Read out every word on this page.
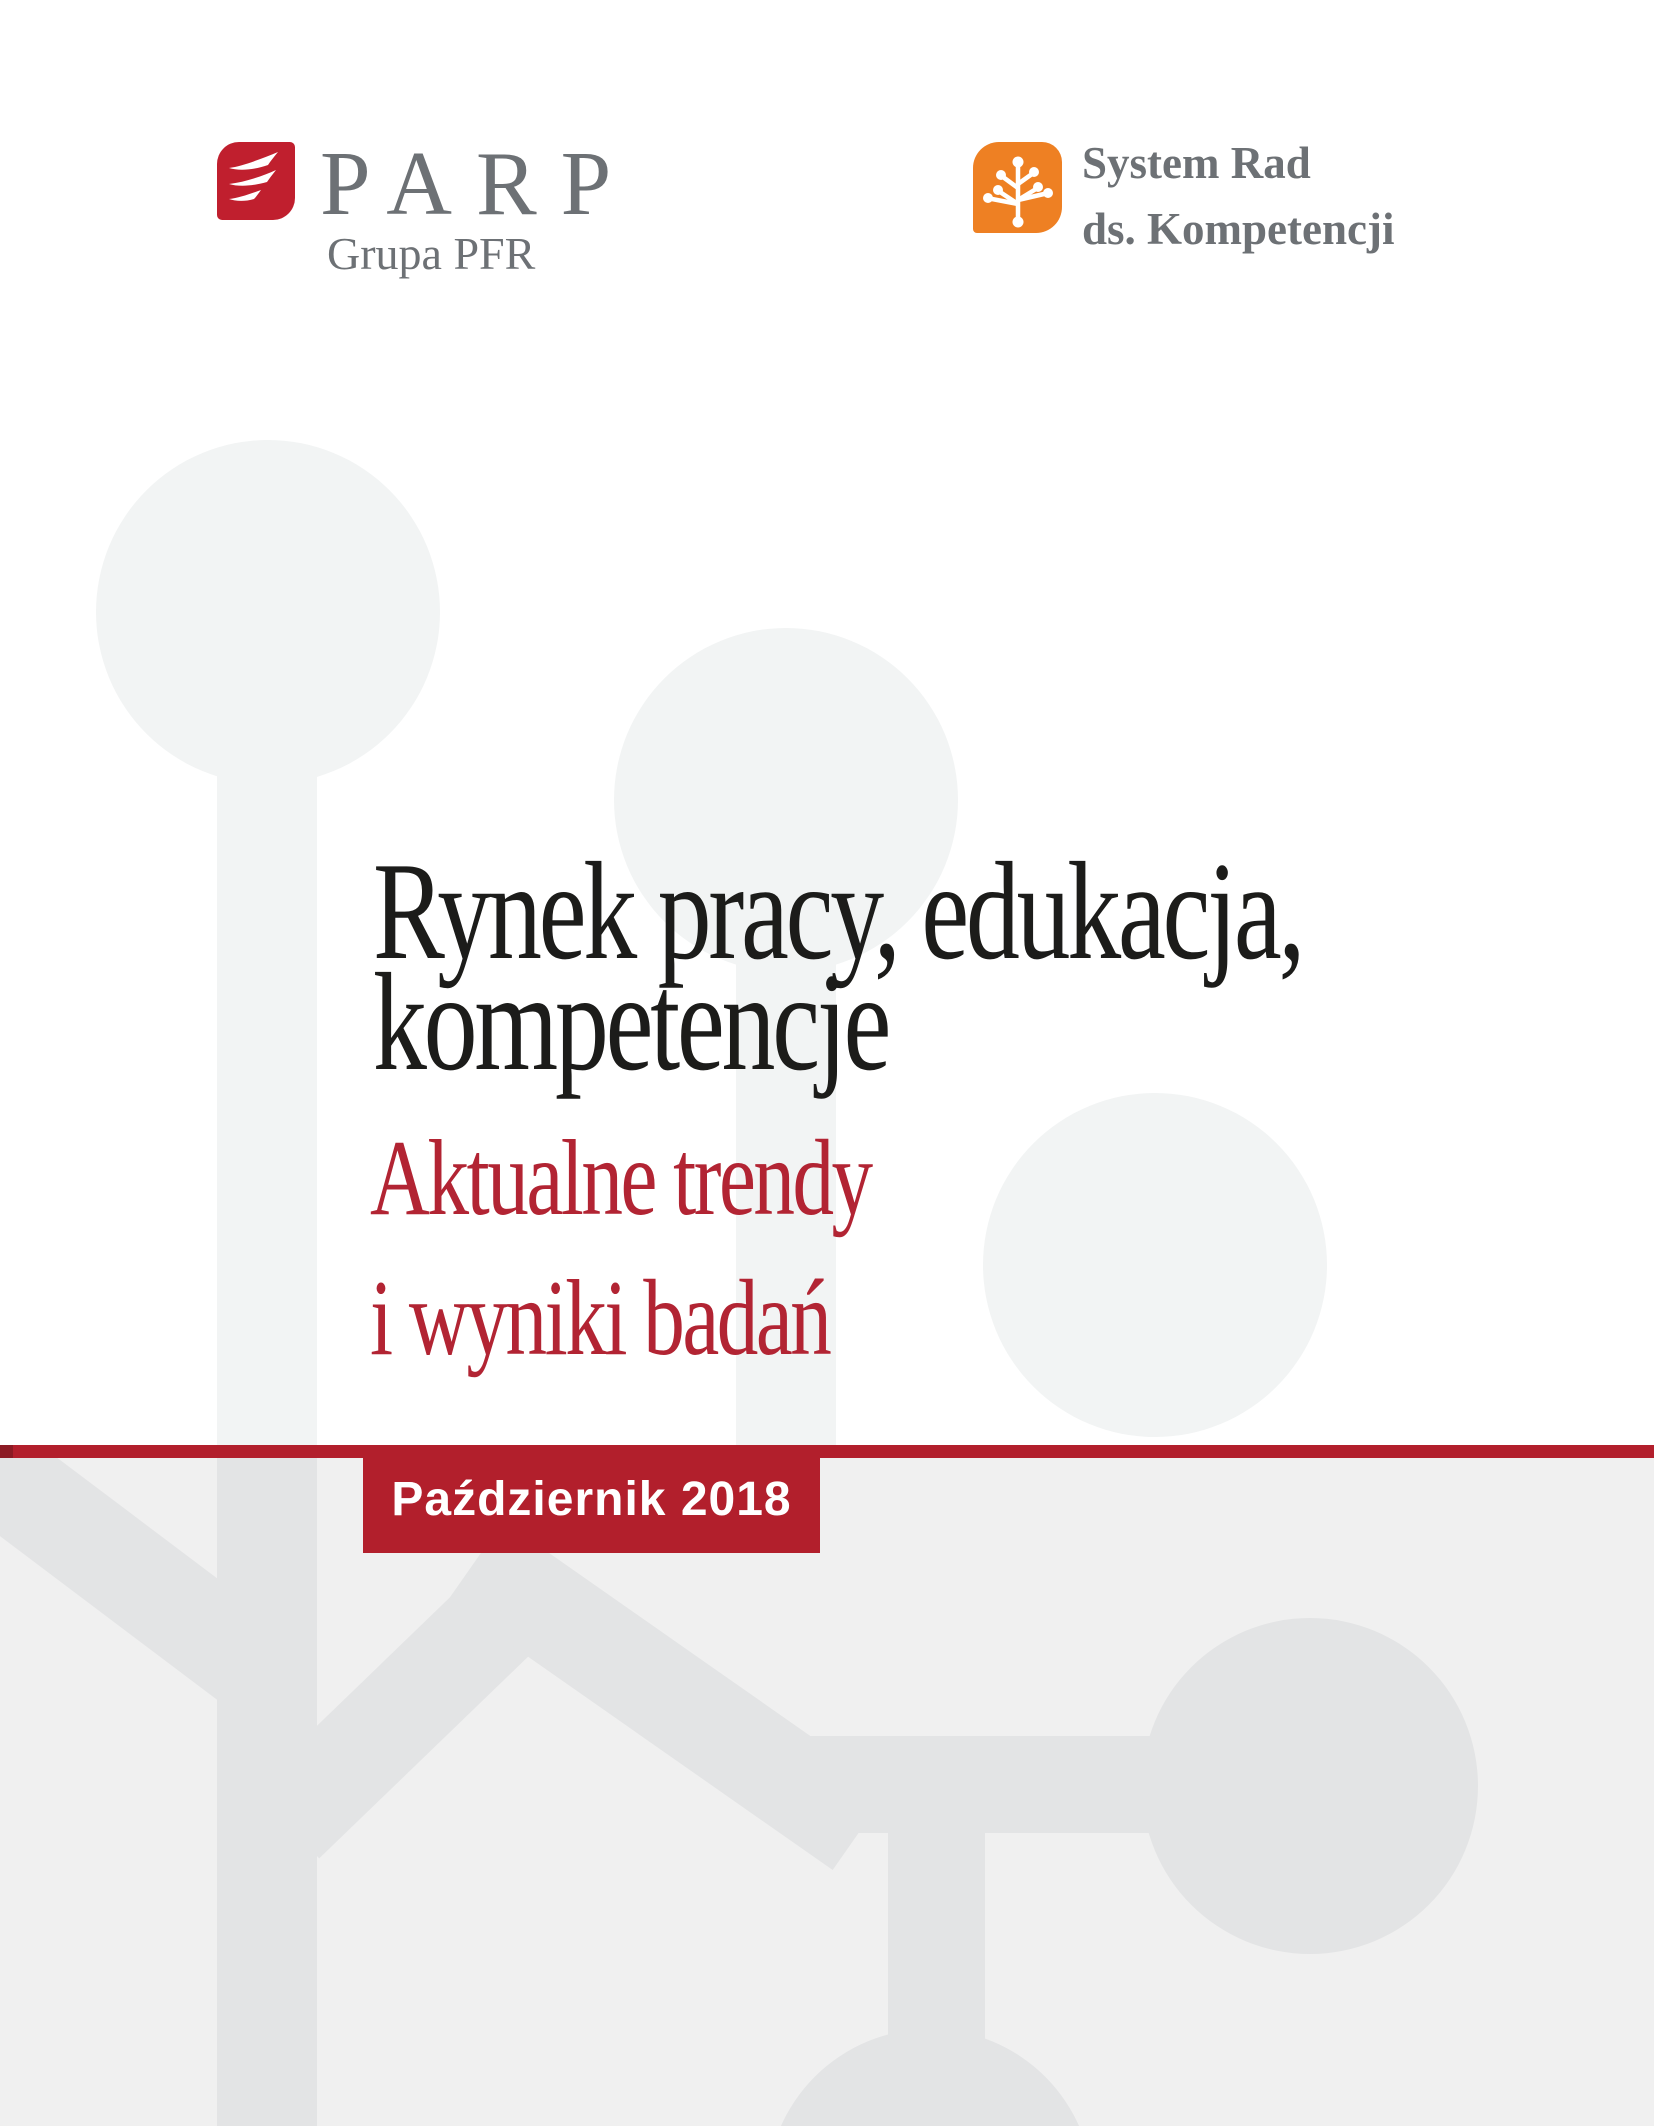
Październik 2018
PARP
Grupa PFR
System Rad
ds. Kompetencji
Rynek pracy, edukacja,
kompetencje
Aktualne trendy
i wyniki badań
